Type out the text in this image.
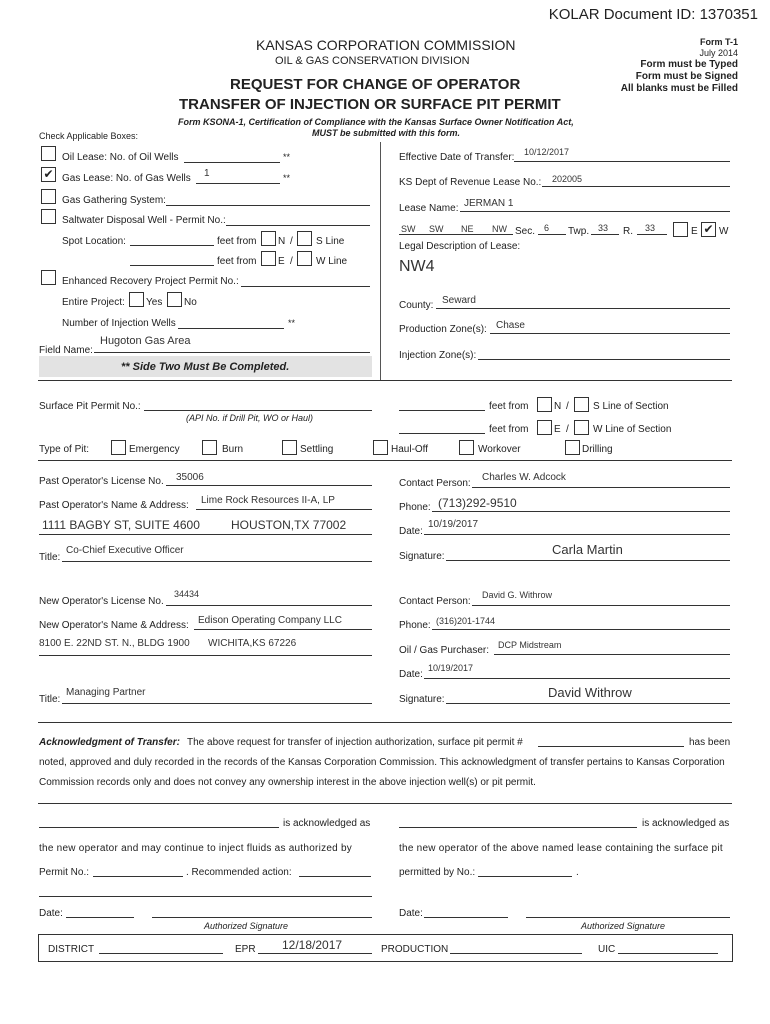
KOLAR Document ID: 1370351
KANSAS CORPORATION COMMISSION
OIL & GAS CONSERVATION DIVISION
REQUEST FOR CHANGE OF OPERATOR
TRANSFER OF INJECTION OR SURFACE PIT PERMIT
Form T-1
July 2014
Form must be Typed
Form must be Signed
All blanks must be Filled
Form KSONA-1, Certification of Compliance with the Kansas Surface Owner Notification Act,
MUST be submitted with this form.
Check Applicable Boxes:
Oil Lease: No. of Oil Wells	**
✔ Gas Lease: No. of Gas Wells 1	**
Gas Gathering System:
Saltwater Disposal Well - Permit No.:
Spot Location:	feet from N / S Line
feet from E / W Line
Enhanced Recovery Project Permit No.:
Entire Project: Yes No
Number of Injection Wells	**
Field Name:
Hugoton Gas Area
** Side Two Must Be Completed.
Effective Date of Transfer: 10/12/2017
KS Dept of Revenue Lease No.: 202005
Lease Name: JERMAN 1
SW SW NE NW Sec. 6 Twp. 33 R. 33	E ✔ W
Legal Description of Lease:
NW4
County: Seward
Production Zone(s): Chase
Injection Zone(s):
Surface Pit Permit No.:
(API No. if Drill Pit, WO or Haul)
feet from	N / S Line of Section
feet from	E / W Line of Section
Type of Pit:	Emergency	Burn	Settling	Haul-Off	Workover	Drilling
Past Operator's License No. 35006
Past Operator's Name & Address: Lime Rock Resources II-A, LP
1111 BAGBY ST, SUITE 4600	HOUSTON,TX 77002
Title:
Co-Chief Executive Officer
Contact Person:
Charles W. Adcock
Phone: (713)292-9510
Date:
10/19/2017
Signature:	Carla Martin
New Operator's License No.
34434
New Operator's Name & Address: Edison Operating Company LLC
8100 E. 22ND ST. N., BLDG 1900 WICHITA,KS 67226
Title:
Managing Partner
Contact Person:
David G. Withrow
Phone: (316)201-1744
Oil / Gas Purchaser: DCP Midstream
Date:
10/19/2017
Signature:	David Withrow
Acknowledgment of Transfer: The above request for transfer of injection authorization, surface pit permit #	has been
noted, approved and duly recorded in the records of the Kansas Corporation Commission. This acknowledgment of transfer pertains to Kansas Corporation
Commission records only and does not convey any ownership interest in the above injection well(s) or pit permit.
is acknowledged as
the new operator and may continue to inject fluids as authorized by
Permit No.:	. Recommended action:
Date:
Authorized Signature
is acknowledged as
the new operator of the above named lease containing the surface pit
permitted by No.:	.
Date:
Authorized Signature
DISTRICT	EPR 12/18/2017	PRODUCTION	UIC
